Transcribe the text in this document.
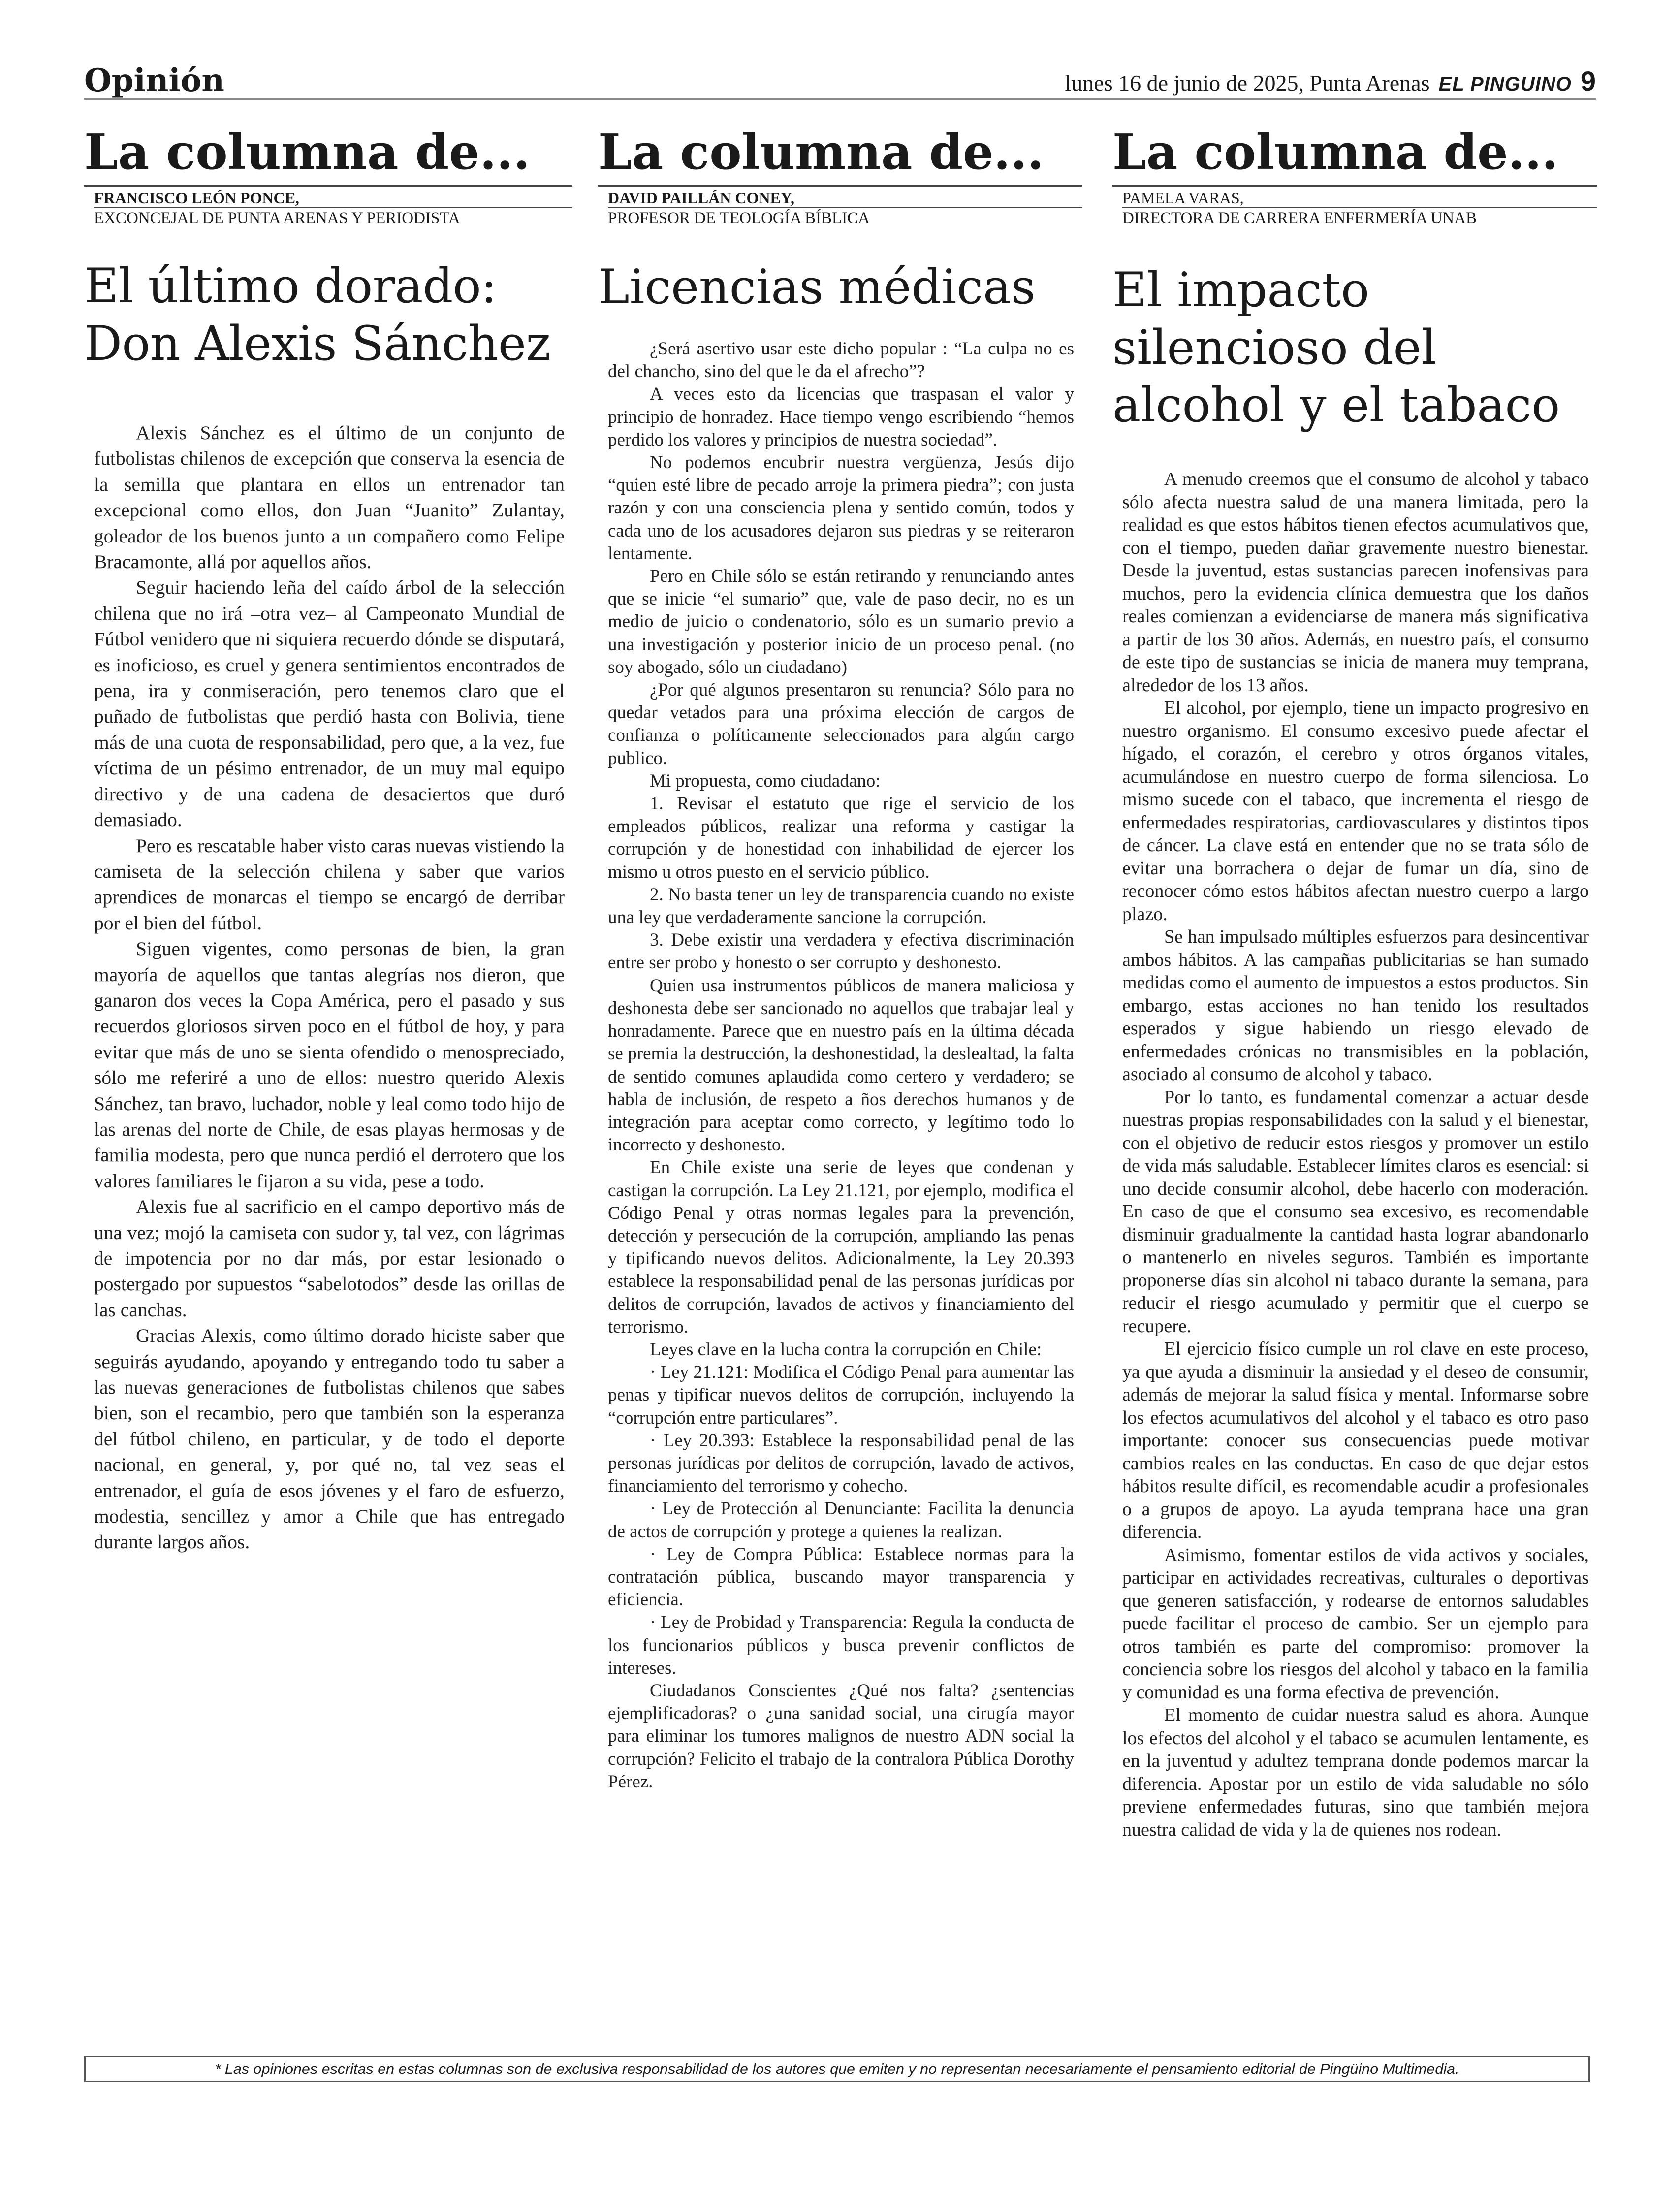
Opinión	lunes 16 de junio de 2025, Punta Arenas EL PINGUINO 9
La columna de...
FRANCISCO LEÓN PONCE,
EXCONCEJAL DE PUNTA ARENAS Y PERIODISTA
El último dorado:
Don Alexis Sánchez

Alexis Sánchez es el último de un conjunto de futbolistas chilenos de excepción que conserva la esencia de la semilla que plantara en ellos un entrenador tan excepcional como ellos, don Juan “Juanito” Zulantay, goleador de los buenos junto a un compañero como Felipe Bracamonte, allá por aquellos años.

Seguir haciendo leña del caído árbol de la selección chilena que no irá –otra vez– al Campeonato Mundial de Fútbol venidero que ni siquiera recuerdo dónde se disputará, es inoficioso, es cruel y genera sentimientos encontrados de pena, ira y conmiseración, pero tenemos claro que el puñado de futbolistas que perdió hasta con Bolivia, tiene más de una cuota de responsabilidad, pero que, a la vez, fue víctima de un pésimo entrenador, de un muy mal equipo directivo y de una cadena de desaciertos que duró demasiado.

Pero es rescatable haber visto caras nuevas vistiendo la camiseta de la selección chilena y saber que varios aprendices de monarcas el tiempo se encargó de derribar por el bien del fútbol.

Siguen vigentes, como personas de bien, la gran mayoría de aquellos que tantas alegrías nos dieron, que ganaron dos veces la Copa América, pero el pasado y sus recuerdos gloriosos sirven poco en el fútbol de hoy, y para evitar que más de uno se sienta ofendido o menospreciado, sólo me referiré a uno de ellos: nuestro querido Alexis Sánchez, tan bravo, luchador, noble y leal como todo hijo de las arenas del norte de Chile, de esas playas hermosas y de familia modesta, pero que nunca perdió el derrotero que los valores familiares le fijaron a su vida, pese a todo.

Alexis fue al sacrificio en el campo deportivo más de una vez; mojó la camiseta con sudor y, tal vez, con lágrimas de impotencia por no dar más, por estar lesionado o postergado por supuestos “sabelotodos” desde las orillas de las canchas.

Gracias Alexis, como último dorado hiciste saber que seguirás ayudando, apoyando y entregando todo tu saber a las nuevas generaciones de futbolistas chilenos que sabes bien, son el recambio, pero que también son la esperanza del fútbol chileno, en particular, y de todo el deporte nacional, en general, y, por qué no, tal vez seas el entrenador, el guía de esos jóvenes y el faro de esfuerzo, modestia, sencillez y amor a Chile que has entregado durante largos años.

La columna de...
DAVID PAILLÁN CONEY,
PROFESOR DE TEOLOGÍA BÍBLICA
Licencias médicas

¿Será asertivo usar este dicho popular : “La culpa no es del chancho, sino del que le da el afrecho”?

A veces esto da licencias que traspasan el valor y principio de honradez. Hace tiempo vengo escribiendo “hemos perdido los valores y principios de nuestra sociedad”.

No podemos encubrir nuestra vergüenza, Jesús dijo “quien esté libre de pecado arroje la primera piedra”; con justa razón y con una consciencia plena y sentido común, todos y cada uno de los acusadores dejaron sus piedras y se reiteraron lentamente.

Pero en Chile sólo se están retirando y renunciando antes que se inicie “el sumario” que, vale de paso decir, no es un medio de juicio o condenatorio, sólo es un sumario previo a una investigación y posterior inicio de un proceso penal. (no soy abogado, sólo un ciudadano)

¿Por qué algunos presentaron su renuncia? Sólo para no quedar vetados para una próxima elección de cargos de confianza o políticamente seleccionados para algún cargo publico.

Mi propuesta, como ciudadano:

1. Revisar el estatuto que rige el servicio de los empleados públicos, realizar una reforma y castigar la corrupción y de honestidad con inhabilidad de ejercer los mismo u otros puesto en el servicio público.

2. No basta tener un ley de transparencia cuando no existe una ley que verdaderamente sancione la corrupción.

3. Debe existir una verdadera y efectiva discriminación entre ser probo y honesto o ser corrupto y deshonesto.

Quien usa instrumentos públicos de manera maliciosa y deshonesta debe ser sancionado no aquellos que trabajar leal y honradamente. Parece que en nuestro país en la última década se premia la destrucción, la deshonestidad, la deslealtad, la falta de sentido comunes aplaudida como certero y verdadero; se habla de inclusión, de respeto a ños derechos humanos y de integración para aceptar como correcto, y legítimo todo lo incorrecto y deshonesto.

En Chile existe una serie de leyes que condenan y castigan la corrupción. La Ley 21.121, por ejemplo, modifica el Código Penal y otras normas legales para la prevención, detección y persecución de la corrupción, ampliando las penas y tipificando nuevos delitos. Adicionalmente, la Ley 20.393 establece la responsabilidad penal de las personas jurídicas por delitos de corrupción, lavados de activos y financiamiento del terrorismo.

Leyes clave en la lucha contra la corrupción en Chile:

· Ley 21.121: Modifica el Código Penal para aumentar las penas y tipificar nuevos delitos de corrupción, incluyendo la “corrupción entre particulares”.

· Ley 20.393: Establece la responsabilidad penal de las personas jurídicas por delitos de corrupción, lavado de activos, financiamiento del terrorismo y cohecho.

· Ley de Protección al Denunciante: Facilita la denuncia de actos de corrupción y protege a quienes la realizan.

· Ley de Compra Pública: Establece normas para la contratación pública, buscando mayor transparencia y eficiencia.

· Ley de Probidad y Transparencia: Regula la conducta de los funcionarios públicos y busca prevenir conflictos de intereses.

Ciudadanos Conscientes ¿Qué nos falta? ¿sentencias ejemplificadoras? o ¿una sanidad social, una cirugía mayor para eliminar los tumores malignos de nuestro ADN social la corrupción? Felicito el trabajo de la contralora Pública Dorothy Pérez.

La columna de...
PAMELA VARAS,
DIRECTORA DE CARRERA ENFERMERÍA UNAB
El impacto
silencioso del
alcohol y el tabaco

A menudo creemos que el consumo de alcohol y tabaco sólo afecta nuestra salud de una manera limitada, pero la realidad es que estos hábitos tienen efectos acumulativos que, con el tiempo, pueden dañar gravemente nuestro bienestar. Desde la juventud, estas sustancias parecen inofensivas para muchos, pero la evidencia clínica demuestra que los daños reales comienzan a evidenciarse de manera más significativa a partir de los 30 años. Además, en nuestro país, el consumo de este tipo de sustancias se inicia de manera muy temprana, alrededor de los 13 años.

El alcohol, por ejemplo, tiene un impacto progresivo en nuestro organismo. El consumo excesivo puede afectar el hígado, el corazón, el cerebro y otros órganos vitales, acumulándose en nuestro cuerpo de forma silenciosa. Lo mismo sucede con el tabaco, que incrementa el riesgo de enfermedades respiratorias, cardiovasculares y distintos tipos de cáncer. La clave está en entender que no se trata sólo de evitar una borrachera o dejar de fumar un día, sino de reconocer cómo estos hábitos afectan nuestro cuerpo a largo plazo.

Se han impulsado múltiples esfuerzos para desincentivar ambos hábitos. A las campañas publicitarias se han sumado medidas como el aumento de impuestos a estos productos. Sin embargo, estas acciones no han tenido los resultados esperados y sigue habiendo un riesgo elevado de enfermedades crónicas no transmisibles en la población, asociado al consumo de alcohol y tabaco.

Por lo tanto, es fundamental comenzar a actuar desde nuestras propias responsabilidades con la salud y el bienestar, con el objetivo de reducir estos riesgos y promover un estilo de vida más saludable. Establecer límites claros es esencial: si uno decide consumir alcohol, debe hacerlo con moderación. En caso de que el consumo sea excesivo, es recomendable disminuir gradualmente la cantidad hasta lograr abandonarlo o mantenerlo en niveles seguros. También es importante proponerse días sin alcohol ni tabaco durante la semana, para reducir el riesgo acumulado y permitir que el cuerpo se recupere.

El ejercicio físico cumple un rol clave en este proceso, ya que ayuda a disminuir la ansiedad y el deseo de consumir, además de mejorar la salud física y mental. Informarse sobre los efectos acumulativos del alcohol y el tabaco es otro paso importante: conocer sus consecuencias puede motivar cambios reales en las conductas. En caso de que dejar estos hábitos resulte difícil, es recomendable acudir a profesionales o a grupos de apoyo. La ayuda temprana hace una gran diferencia.

Asimismo, fomentar estilos de vida activos y sociales, participar en actividades recreativas, culturales o deportivas que generen satisfacción, y rodearse de entornos saludables puede facilitar el proceso de cambio. Ser un ejemplo para otros también es parte del compromiso: promover la conciencia sobre los riesgos del alcohol y tabaco en la familia y comunidad es una forma efectiva de prevención.

El momento de cuidar nuestra salud es ahora. Aunque los efectos del alcohol y el tabaco se acumulen lentamente, es en la juventud y adultez temprana donde podemos marcar la diferencia. Apostar por un estilo de vida saludable no sólo previene enfermedades futuras, sino que también mejora nuestra calidad de vida y la de quienes nos rodean.

* Las opiniones escritas en estas columnas son de exclusiva responsabilidad de los autores que emiten y no representan necesariamente el pensamiento editorial de Pingüino Multimedia.
